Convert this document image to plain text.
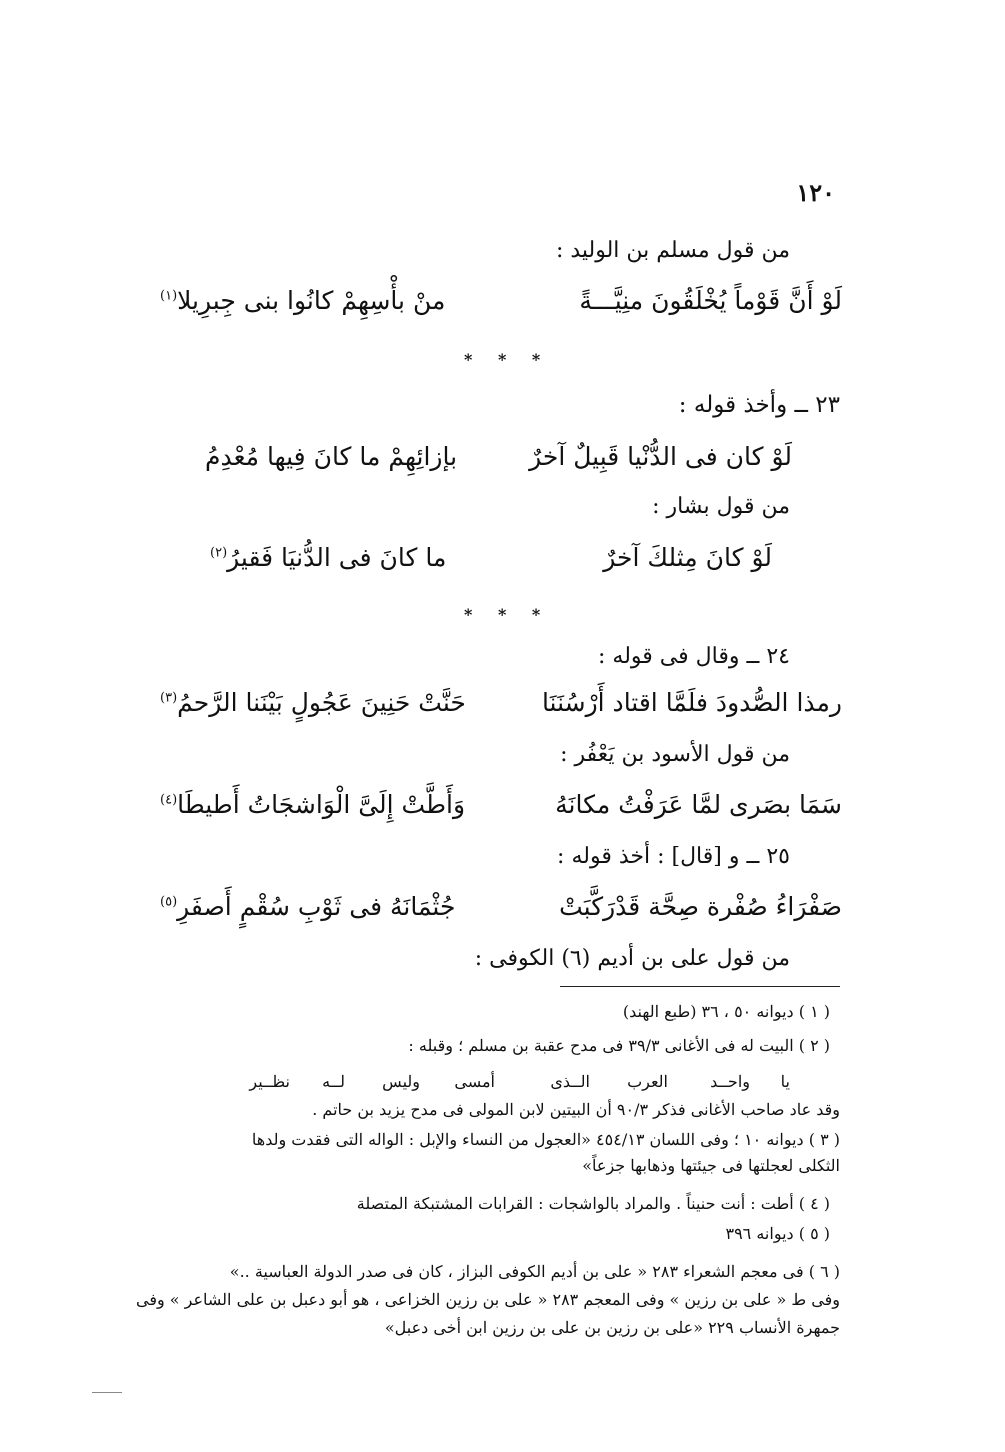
١٢٠
من قول مسلم بن الوليد :
لَوْ أَنَّ قَوْماً يُخْلَقُونَ منِيَّـــةً
منْ بأْسِهِمْ كانُوا بنى جِبرِيلا$^{(١)}$
* * *
٢٣ ــ وأخذ قوله :
لَوْ كان فى الدُّنْيا قَبِيلٌ آخرٌ
بإزائِهِمْ ما كانَ فِيها مُعْدِمُ
من قول بشار :
لَوْ كانَ مِثلكَ آخرٌ
ما كانَ فى الدُّنيَا فَقيرُ$^{(٢)}$
* * *
٢٤ ــ وقال فى قوله :
رمذا الصُّدودَ فلَمَّا اقتاد أَرْسُنَنَا
حَنَّتْ حَنِينَ عَجُولٍ بَيْنَنا الرَّحمُ$^{(٣)}$
من قول الأسود بن يَعْفُر :
سَمَا بصَرى لمَّا عَرَفْتُ مكانَهُ
وَأَطَّتْ إِلَىَّ الْوَاشجَاتُ أَطيطَا$^{(٤)}$
٢٥ ــ و [قال] : أخذ قوله :
صَفْرَاءُ صُفْرة صِحَّة قَدْرَكَّبَتْ
جُثْمَانَهُ فى ثَوْبِ سُقْمٍ أَصفَرِ$^{(٥)}$
من قول على بن أديم (٦) الكوفى :
( ١ ) ديوانه ٥٠ ، ٣٦ (طبع الهند)
( ٢ ) البيت له فى الأغانى ٣٩/٣ فى مدح عقبة بن مسلم ؛ وقبله :
يا
واحــد
العرب
الــذى
أمسى
وليس
لــه
نظــير
وقد عاد صاحب الأغانى فذكر ٩٠/٣ أن البيتين لابن المولى فى مدح يزيد بن حاتم .
( ٣ ) ديوانه ١٠ ؛ وفى اللسان ٤٥٤/١٣ «العجول من النساء والإبل : الواله التى فقدت ولدها
الثكلى لعجلتها فى جيئتها وذهابها جزعاً»
( ٤ ) أطت : أنت حنيناً . والمراد بالواشجات : القرابات المشتبكة المتصلة
( ٥ ) ديوانه ٣٩٦
( ٦ ) فى معجم الشعراء ٢٨٣ « على بن أديم الكوفى البزاز ، كان فى صدر الدولة العباسية ..»
وفى ط « على بن رزين » وفى المعجم ٢٨٣ « على بن رزين الخزاعى ، هو أبو دعبل بن على الشاعر » وفى
جمهرة الأنساب ٢٢٩ «على بن رزين بن على بن رزين ابن أخى دعبل»
